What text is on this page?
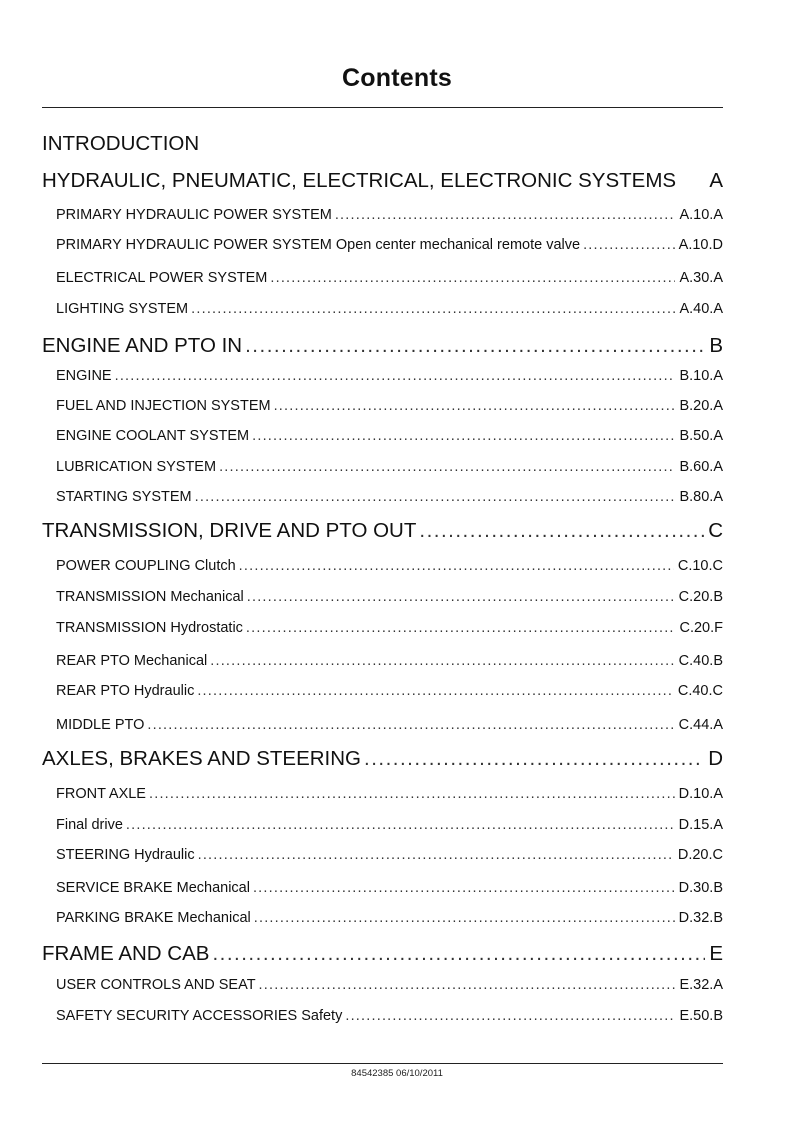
Contents
INTRODUCTION
HYDRAULIC, PNEUMATIC, ELECTRICAL, ELECTRONIC SYSTEMS A
PRIMARY HYDRAULIC POWER SYSTEM .....	A.10.A
PRIMARY HYDRAULIC POWER SYSTEM Open center mechanical remote valve .....	A.10.D
ELECTRICAL POWER SYSTEM .....	A.30.A
LIGHTING SYSTEM .....	A.40.A
ENGINE AND PTO IN .....	B
ENGINE .....	B.10.A
FUEL AND INJECTION SYSTEM .....	B.20.A
ENGINE COOLANT SYSTEM .....	B.50.A
LUBRICATION SYSTEM .....	B.60.A
STARTING SYSTEM .....	B.80.A
TRANSMISSION, DRIVE AND PTO OUT .....	C
POWER COUPLING Clutch .....	C.10.C
TRANSMISSION Mechanical .....	C.20.B
TRANSMISSION Hydrostatic .....	C.20.F
REAR PTO Mechanical .....	C.40.B
REAR PTO Hydraulic .....	C.40.C
MIDDLE PTO .....	C.44.A
AXLES, BRAKES AND STEERING .....	D
FRONT AXLE .....	D.10.A
Final drive .....	D.15.A
STEERING Hydraulic .....	D.20.C
SERVICE BRAKE Mechanical .....	D.30.B
PARKING BRAKE Mechanical .....	D.32.B
FRAME AND CAB .....	E
USER CONTROLS AND SEAT .....	E.32.A
SAFETY SECURITY ACCESSORIES Safety .....	E.50.B
84542385 06/10/2011
